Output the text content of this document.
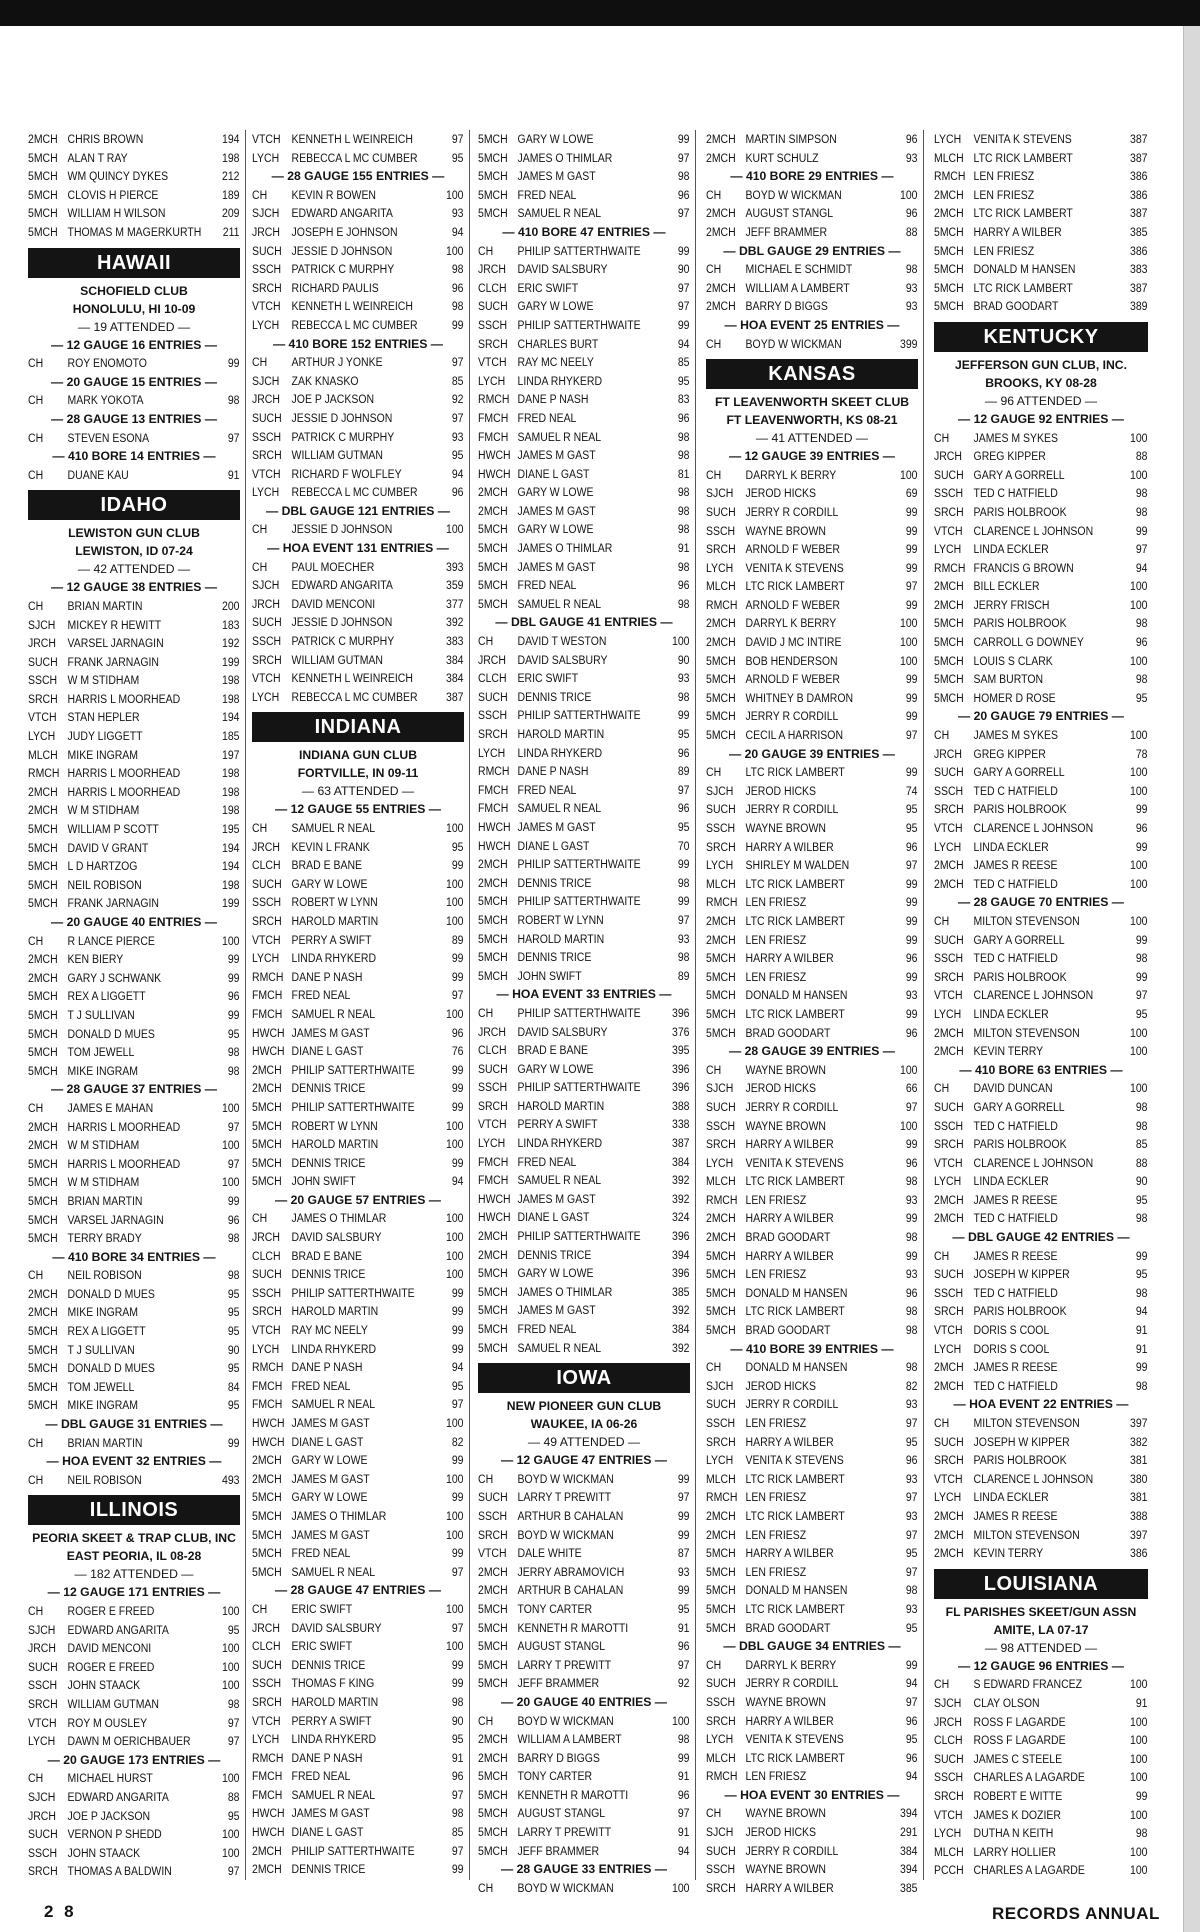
2MCH CHRIS BROWN	194
5MCH ALAN T RAY	198
5MCH WM QUINCY DYKES	212
5MCH CLOVIS H PIERCE	189
5MCH WILLIAM H WILSON	209
5MCH THOMAS M MAGERKURTH	211
HAWAII
SCHOFIELD CLUB
HONOLULU, HI 10-09
— 19 ATTENDED —
— 12 GAUGE 16 ENTRIES —
CH	ROY ENOMOTO	99
— 20 GAUGE 15 ENTRIES —
CH	MARK YOKOTA	98
— 28 GAUGE 13 ENTRIES —
CH	STEVEN ESONA	97
— 410 BORE 14 ENTRIES —
CH	DUANE KAU	91
IDAHO
LEWISTON GUN CLUB
LEWISTON, ID 07-24
— 42 ATTENDED —
— 12 GAUGE 38 ENTRIES —
CH	BRIAN MARTIN	200
SJCH MICKEY R HEWITT	183
JRCH VARSEL JARNAGIN	192
SUCH FRANK JARNAGIN	199
SSCH W M STIDHAM	198
SRCH HARRIS L MOORHEAD	198
VTCH STAN HEPLER	194
LYCH	JUDY LIGGETT	185
MLCH MIKE INGRAM	197
RMCH HARRIS L MOORHEAD	198
2MCH HARRIS L MOORHEAD	198
2MCH W M STIDHAM	198
5MCH WILLIAM P SCOTT	195
5MCH DAVID V GRANT	194
5MCH L D HARTZOG	194
5MCH NEIL ROBISON	198
5MCH FRANK JARNAGIN	199
— 20 GAUGE 40 ENTRIES —
CH	R LANCE PIERCE	100
2MCH KEN BIERY	99
2MCH GARY J SCHWANK	99
5MCH REX A LIGGETT	96
5MCH T J SULLIVAN	99
5MCH DONALD D MUES	95
5MCH TOM JEWELL	98
5MCH MIKE INGRAM	98
— 28 GAUGE 37 ENTRIES —
CH	JAMES E MAHAN	100
2MCH HARRIS L MOORHEAD	97
2MCH W M STIDHAM	100
5MCH HARRIS L MOORHEAD	97
5MCH W M STIDHAM	100
5MCH BRIAN MARTIN	99
5MCH VARSEL JARNAGIN	96
5MCH TERRY BRADY	98
— 410 BORE 34 ENTRIES —
CH	NEIL ROBISON	98
2MCH DONALD D MUES	95
2MCH MIKE INGRAM	95
5MCH REX A LIGGETT	95
5MCH T J SULLIVAN	90
5MCH DONALD D MUES	95
5MCH TOM JEWELL	84
5MCH MIKE INGRAM	95
— DBL GAUGE 31 ENTRIES —
CH	BRIAN MARTIN	99
— HOA EVENT 32 ENTRIES —
CH	NEIL ROBISON	493
ILLINOIS
PEORIA SKEET & TRAP CLUB, INC
EAST PEORIA, IL 08-28
— 182 ATTENDED —
— 12 GAUGE 171 ENTRIES —
CH	ROGER E FREED	100
SJCH EDWARD ANGARITA	95
JRCH DAVID MENCONI	100
SUCH ROGER E FREED	100
SSCH JOHN STAACK	100
SRCH WILLIAM GUTMAN	98
VTCH ROY M OUSLEY	97
LYCH	DAWN M OERICHBAUER	97
— 20 GAUGE 173 ENTRIES —
CH	MICHAEL HURST	100
SJCH EDWARD ANGARITA	88
JRCH JOE P JACKSON	95
SUCH VERNON P SHEDD	100
SSCH JOHN STAACK	100
SRCH THOMAS A BALDWIN	97
VTCH KENNETH L WEINREICH	97
LYCH	REBECCA L MC CUMBER	95
— 28 GAUGE 155 ENTRIES —
CH	KEVIN R BOWEN	100
SJCH EDWARD ANGARITA	93
JRCH JOSEPH E JOHNSON	94
SUCH JESSIE D JOHNSON	100
SSCH PATRICK C MURPHY	98
SRCH RICHARD PAULIS	96
VTCH KENNETH L WEINREICH	98
LYCH	REBECCA L MC CUMBER	99
— 410 BORE 152 ENTRIES —
CH	ARTHUR J YONKE	97
SJCH ZAK KNASKO	85
JRCH JOE P JACKSON	92
SUCH JESSIE D JOHNSON	97
SSCH PATRICK C MURPHY	93
SRCH WILLIAM GUTMAN	95
VTCH RICHARD F WOLFLEY	94
LYCH	REBECCA L MC CUMBER	96
— DBL GAUGE 121 ENTRIES —
CH	JESSIE D JOHNSON	100
— HOA EVENT 131 ENTRIES —
CH	PAUL MOECHER	393
SJCH EDWARD ANGARITA	359
JRCH DAVID MENCONI	377
SUCH JESSIE D JOHNSON	392
SSCH PATRICK C MURPHY	383
SRCH WILLIAM GUTMAN	384
VTCH KENNETH L WEINREICH	384
LYCH	REBECCA L MC CUMBER	387
INDIANA
INDIANA GUN CLUB
FORTVILLE, IN 09-11
— 63 ATTENDED —
— 12 GAUGE 55 ENTRIES —
CH	SAMUEL R NEAL	100
JRCH KEVIN L FRANK	95
CLCH BRAD E BANE	99
SUCH GARY W LOWE	100
SSCH ROBERT W LYNN	100
SRCH HAROLD MARTIN	100
VTCH PERRY A SWIFT	89
LYCH	LINDA RHYKERD	99
RMCH DANE P NASH	99
FMCH FRED NEAL	97
FMCH SAMUEL R NEAL	100
HWCH JAMES M GAST	96
HWCH DIANE L GAST	76
2MCH PHILIP SATTERTHWAITE	99
2MCH DENNIS TRICE	99
5MCH PHILIP SATTERTHWAITE	99
5MCH ROBERT W LYNN	100
5MCH HAROLD MARTIN	100
5MCH DENNIS TRICE	99
5MCH JOHN SWIFT	94
— 20 GAUGE 57 ENTRIES —
CH	JAMES O THIMLAR	100
JRCH DAVID SALSBURY	100
CLCH BRAD E BANE	100
SUCH DENNIS TRICE	100
SSCH PHILIP SATTERTHWAITE	99
SRCH HAROLD MARTIN	99
VTCH RAY MC NEELY	99
LYCH	LINDA RHYKERD	99
RMCH DANE P NASH	94
FMCH FRED NEAL	95
FMCH SAMUEL R NEAL	97
HWCH JAMES M GAST	100
HWCH DIANE L GAST	82
2MCH GARY W LOWE	99
2MCH JAMES M GAST	100
5MCH GARY W LOWE	99
5MCH JAMES O THIMLAR	100
5MCH JAMES M GAST	100
5MCH FRED NEAL	99
5MCH SAMUEL R NEAL	97
— 28 GAUGE 47 ENTRIES —
CH	ERIC SWIFT	100
JRCH DAVID SALSBURY	97
CLCH ERIC SWIFT	100
SUCH DENNIS TRICE	99
SSCH THOMAS F KING	99
SRCH HAROLD MARTIN	98
VTCH PERRY A SWIFT	90
LYCH	LINDA RHYKERD	95
RMCH DANE P NASH	91
FMCH FRED NEAL	96
FMCH SAMUEL R NEAL	97
HWCH JAMES M GAST	98
HWCH DIANE L GAST	85
2MCH PHILIP SATTERTHWAITE	97
2MCH DENNIS TRICE	99
5MCH GARY W LOWE	99
5MCH JAMES O THIMLAR	97
5MCH JAMES M GAST	98
5MCH FRED NEAL	96
5MCH SAMUEL R NEAL	97
— 410 BORE 47 ENTRIES —
CH	PHILIP SATTERTHWAITE	99
JRCH DAVID SALSBURY	90
CLCH ERIC SWIFT	97
SUCH GARY W LOWE	97
SSCH PHILIP SATTERTHWAITE	99
SRCH CHARLES BURT	94
VTCH RAY MC NEELY	85
LYCH	LINDA RHYKERD	95
RMCH DANE P NASH	83
FMCH FRED NEAL	96
FMCH SAMUEL R NEAL	98
HWCH JAMES M GAST	98
HWCH DIANE L GAST	81
2MCH GARY W LOWE	98
2MCH JAMES M GAST	98
5MCH GARY W LOWE	98
5MCH JAMES O THIMLAR	91
5MCH JAMES M GAST	98
5MCH FRED NEAL	96
5MCH SAMUEL R NEAL	98
— DBL GAUGE 41 ENTRIES —
CH	DAVID T WESTON	100
JRCH DAVID SALSBURY	90
CLCH ERIC SWIFT	93
SUCH DENNIS TRICE	98
SSCH PHILIP SATTERTHWAITE	99
SRCH HAROLD MARTIN	95
LYCH	LINDA RHYKERD	96
RMCH DANE P NASH	89
FMCH FRED NEAL	97
FMCH SAMUEL R NEAL	96
HWCH JAMES M GAST	95
HWCH DIANE L GAST	70
2MCH PHILIP SATTERTHWAITE	99
2MCH DENNIS TRICE	98
5MCH PHILIP SATTERTHWAITE	99
5MCH ROBERT W LYNN	97
5MCH HAROLD MARTIN	93
5MCH DENNIS TRICE	98
5MCH JOHN SWIFT	89
— HOA EVENT 33 ENTRIES —
CH	PHILIP SATTERTHWAITE	396
JRCH DAVID SALSBURY	376
CLCH BRAD E BANE	395
SUCH GARY W LOWE	396
SSCH PHILIP SATTERTHWAITE	396
SRCH HAROLD MARTIN	388
VTCH PERRY A SWIFT	338
LYCH	LINDA RHYKERD	387
FMCH FRED NEAL	384
FMCH SAMUEL R NEAL	392
HWCH JAMES M GAST	392
HWCH DIANE L GAST	324
2MCH PHILIP SATTERTHWAITE	396
2MCH DENNIS TRICE	394
5MCH GARY W LOWE	396
5MCH JAMES O THIMLAR	385
5MCH JAMES M GAST	392
5MCH FRED NEAL	384
5MCH SAMUEL R NEAL	392
IOWA
NEW PIONEER GUN CLUB
WAUKEE, IA 06-26
— 49 ATTENDED —
— 12 GAUGE 47 ENTRIES —
CH	BOYD W WICKMAN	99
SUCH LARRY T PREWITT	97
SSCH ARTHUR B CAHALAN	99
SRCH BOYD W WICKMAN	99
VTCH DALE WHITE	87
2MCH JERRY ABRAMOVICH	93
2MCH ARTHUR B CAHALAN	99
5MCH TONY CARTER	95
5MCH KENNETH R MAROTTI	91
5MCH AUGUST STANGL	96
5MCH LARRY T PREWITT	97
5MCH JEFF BRAMMER	92
— 20 GAUGE 40 ENTRIES —
CH	BOYD W WICKMAN	100
2MCH WILLIAM A LAMBERT	98
2MCH BARRY D BIGGS	99
5MCH TONY CARTER	91
5MCH KENNETH R MAROTTI	96
5MCH AUGUST STANGL	97
5MCH LARRY T PREWITT	91
5MCH JEFF BRAMMER	94
— 28 GAUGE 33 ENTRIES —
CH	BOYD W WICKMAN	100
2MCH MARTIN SIMPSON	96
2MCH KURT SCHULZ	93
— 410 BORE 29 ENTRIES —
CH	BOYD W WICKMAN	100
2MCH AUGUST STANGL	96
2MCH JEFF BRAMMER	88
— DBL GAUGE 29 ENTRIES —
CH	MICHAEL E SCHMIDT	98
2MCH WILLIAM A LAMBERT	93
2MCH BARRY D BIGGS	93
— HOA EVENT 25 ENTRIES —
CH	BOYD W WICKMAN	399
KANSAS
FT LEAVENWORTH SKEET CLUB
FT LEAVENWORTH, KS 08-21
— 41 ATTENDED —
— 12 GAUGE 39 ENTRIES —
CH	DARRYL K BERRY	100
SJCH JEROD HICKS	69
SUCH JERRY R CORDILL	99
SSCH WAYNE BROWN	99
SRCH ARNOLD F WEBER	99
LYCH	VENITA K STEVENS	99
MLCH LTC RICK LAMBERT	97
RMCH ARNOLD F WEBER	99
2MCH DARRYL K BERRY	100
2MCH DAVID J MC INTIRE	100
5MCH BOB HENDERSON	100
5MCH ARNOLD F WEBER	99
5MCH WHITNEY B DAMRON	99
5MCH JERRY R CORDILL	99
5MCH CECIL A HARRISON	97
— 20 GAUGE 39 ENTRIES —
CH	LTC RICK LAMBERT	99
SJCH JEROD HICKS	74
SUCH JERRY R CORDILL	95
SSCH WAYNE BROWN	95
SRCH HARRY A WILBER	96
LYCH	SHIRLEY M WALDEN	97
MLCH LTC RICK LAMBERT	99
RMCH LEN FRIESZ	99
2MCH LTC RICK LAMBERT	99
2MCH LEN FRIESZ	99
5MCH HARRY A WILBER	96
5MCH LEN FRIESZ	99
5MCH DONALD M HANSEN	93
5MCH LTC RICK LAMBERT	99
5MCH BRAD GOODART	96
— 28 GAUGE 39 ENTRIES —
CH	WAYNE BROWN	100
SJCH JEROD HICKS	66
SUCH JERRY R CORDILL	97
SSCH WAYNE BROWN	100
SRCH HARRY A WILBER	99
LYCH	VENITA K STEVENS	96
MLCH LTC RICK LAMBERT	98
RMCH LEN FRIESZ	93
2MCH HARRY A WILBER	99
2MCH BRAD GOODART	98
5MCH HARRY A WILBER	99
5MCH LEN FRIESZ	93
5MCH DONALD M HANSEN	96
5MCH LTC RICK LAMBERT	98
5MCH BRAD GOODART	98
— 410 BORE 39 ENTRIES —
CH	DONALD M HANSEN	98
SJCH JEROD HICKS	82
SUCH JERRY R CORDILL	93
SSCH LEN FRIESZ	97
SRCH HARRY A WILBER	95
LYCH	VENITA K STEVENS	96
MLCH LTC RICK LAMBERT	93
RMCH LEN FRIESZ	97
2MCH LTC RICK LAMBERT	93
2MCH LEN FRIESZ	97
5MCH HARRY A WILBER	95
5MCH LEN FRIESZ	97
5MCH DONALD M HANSEN	98
5MCH LTC RICK LAMBERT	93
5MCH BRAD GOODART	95
— DBL GAUGE 34 ENTRIES —
CH	DARRYL K BERRY	99
SUCH JERRY R CORDILL	94
SSCH WAYNE BROWN	97
SRCH HARRY A WILBER	96
LYCH	VENITA K STEVENS	95
MLCH LTC RICK LAMBERT	96
RMCH LEN FRIESZ	94
— HOA EVENT 30 ENTRIES —
CH	WAYNE BROWN	394
SJCH JEROD HICKS	291
SUCH JERRY R CORDILL	384
SSCH WAYNE BROWN	394
SRCH HARRY A WILBER	385
LYCH	VENITA K STEVENS	387
MLCH LTC RICK LAMBERT	387
RMCH LEN FRIESZ	386
2MCH LEN FRIESZ	386
2MCH LTC RICK LAMBERT	387
5MCH HARRY A WILBER	385
5MCH LEN FRIESZ	386
5MCH DONALD M HANSEN	383
5MCH LTC RICK LAMBERT	387
5MCH BRAD GOODART	389
KENTUCKY
JEFFERSON GUN CLUB, INC.
BROOKS, KY 08-28
— 96 ATTENDED —
— 12 GAUGE 92 ENTRIES —
CH	JAMES M SYKES	100
JRCH GREG KIPPER	88
SUCH GARY A GORRELL	100
SSCH TED C HATFIELD	98
SRCH PARIS HOLBROOK	98
VTCH CLARENCE L JOHNSON	99
LYCH	LINDA ECKLER	97
RMCH FRANCIS G BROWN	94
2MCH BILL ECKLER	100
2MCH JERRY FRISCH	100
5MCH PARIS HOLBROOK	98
5MCH CARROLL G DOWNEY	96
5MCH LOUIS S CLARK	100
5MCH SAM BURTON	98
5MCH HOMER D ROSE	95
— 20 GAUGE 79 ENTRIES —
CH	JAMES M SYKES	100
JRCH GREG KIPPER	78
SUCH GARY A GORRELL	100
SSCH TED C HATFIELD	100
SRCH PARIS HOLBROOK	99
VTCH CLARENCE L JOHNSON	96
LYCH	LINDA ECKLER	99
2MCH JAMES R REESE	100
2MCH TED C HATFIELD	100
— 28 GAUGE 70 ENTRIES —
CH	MILTON STEVENSON	100
SUCH GARY A GORRELL	99
SSCH TED C HATFIELD	98
SRCH PARIS HOLBROOK	99
VTCH CLARENCE L JOHNSON	97
LYCH	LINDA ECKLER	95
2MCH MILTON STEVENSON	100
2MCH KEVIN TERRY	100
— 410 BORE 63 ENTRIES —
CH	DAVID DUNCAN	100
SUCH GARY A GORRELL	98
SSCH TED C HATFIELD	98
SRCH PARIS HOLBROOK	85
VTCH CLARENCE L JOHNSON	88
LYCH	LINDA ECKLER	90
2MCH JAMES R REESE	95
2MCH TED C HATFIELD	98
— DBL GAUGE 42 ENTRIES —
CH	JAMES R REESE	99
SUCH JOSEPH W KIPPER	95
SSCH TED C HATFIELD	98
SRCH PARIS HOLBROOK	94
VTCH DORIS S COOL	91
LYCH	DORIS S COOL	91
2MCH JAMES R REESE	99
2MCH TED C HATFIELD	98
— HOA EVENT 22 ENTRIES —
CH	MILTON STEVENSON	397
SUCH JOSEPH W KIPPER	382
SRCH PARIS HOLBROOK	381
VTCH CLARENCE L JOHNSON	380
LYCH	LINDA ECKLER	381
2MCH JAMES R REESE	388
2MCH MILTON STEVENSON	397
2MCH KEVIN TERRY	386
LOUISIANA
FL PARISHES SKEET/GUN ASSN
AMITE, LA 07-17
— 98 ATTENDED —
— 12 GAUGE 96 ENTRIES —
CH	S EDWARD FRANCEZ	100
SJCH CLAY OLSON	91
JRCH ROSS F LAGARDE	100
CLCH ROSS F LAGARDE	100
SUCH JAMES C STEELE	100
SSCH CHARLES A LAGARDE	100
SRCH ROBERT E WITTE	99
VTCH JAMES K DOZIER	100
LYCH	DUTHA N KEITH	98
MLCH LARRY HOLLIER	100
PCCH CHARLES A LAGARDE	100
2 8	RECORDS ANNUAL
